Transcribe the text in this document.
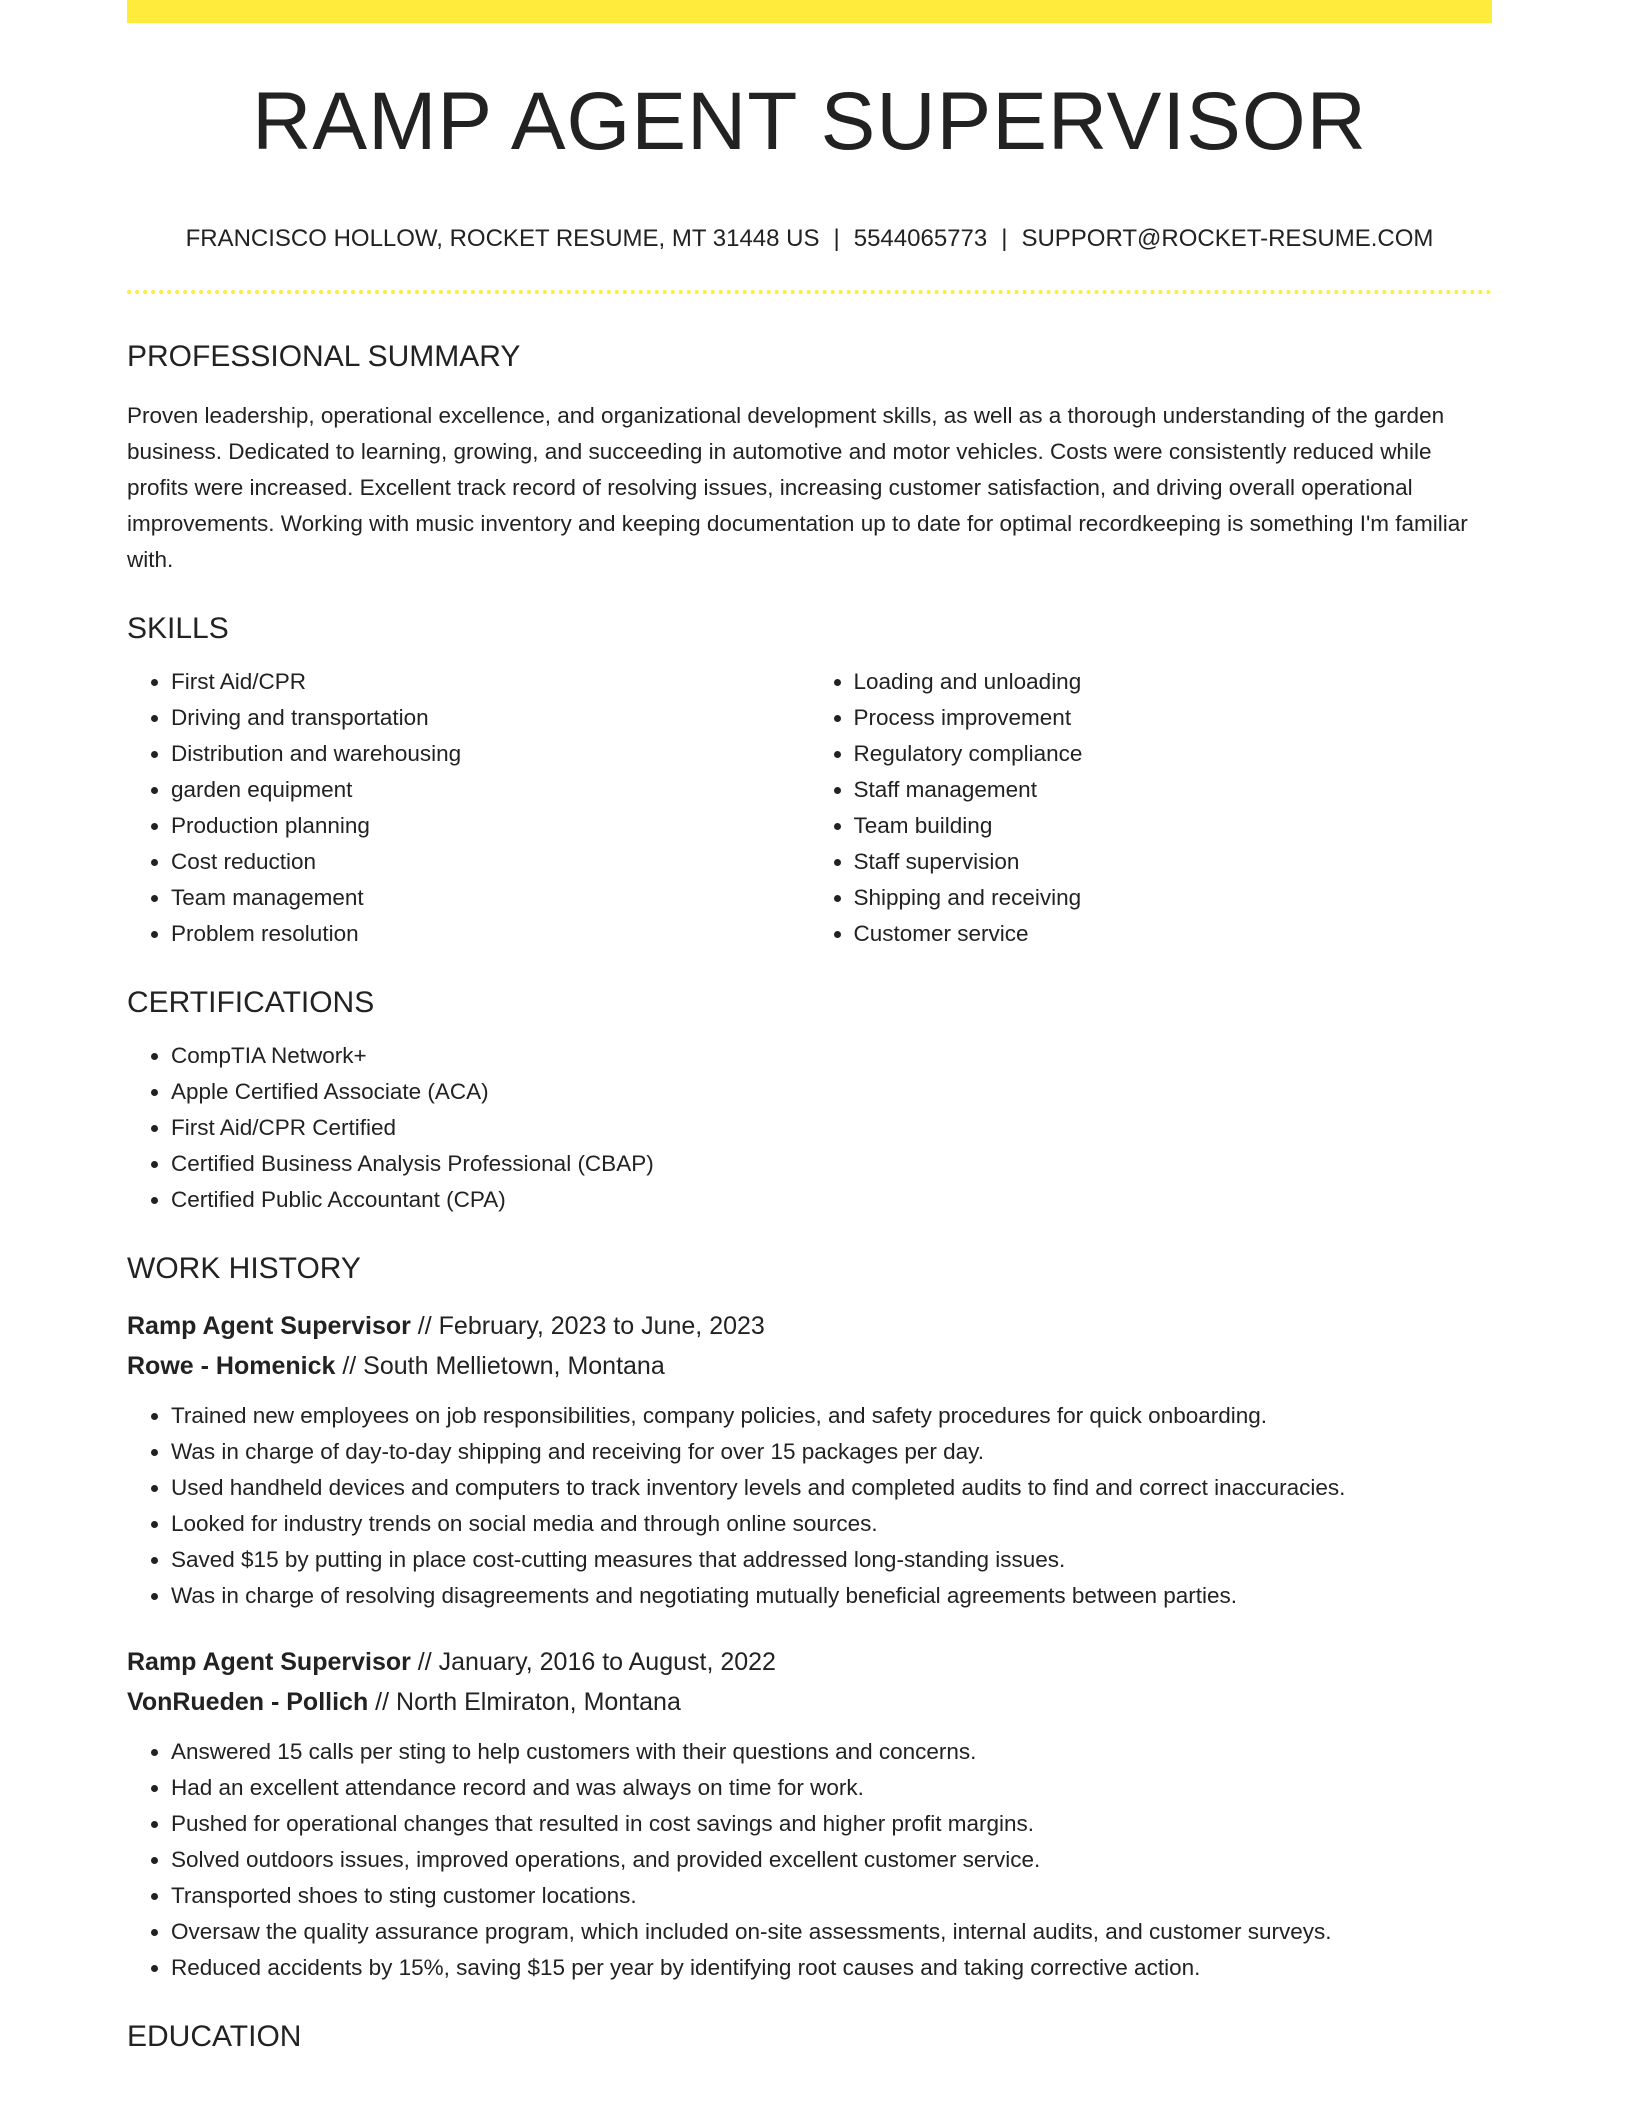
RAMP AGENT SUPERVISOR
FRANCISCO HOLLOW, ROCKET RESUME, MT 31448 US | 5544065773 | SUPPORT@ROCKET-RESUME.COM
PROFESSIONAL SUMMARY

Proven leadership, operational excellence, and organizational development skills, as well as a thorough understanding of the garden business. Dedicated to learning, growing, and succeeding in automotive and motor vehicles. Costs were consistently reduced while profits were increased. Excellent track record of resolving issues, increasing customer satisfaction, and driving overall operational improvements. Working with music inventory and keeping documentation up to date for optimal recordkeeping is something I'm familiar with.

SKILLS
• First Aid/CPR
• Driving and transportation
• Distribution and warehousing
• garden equipment
• Production planning
• Cost reduction
• Team management
• Problem resolution
• Loading and unloading
• Process improvement
• Regulatory compliance
• Staff management
• Team building
• Staff supervision
• Shipping and receiving
• Customer service
CERTIFICATIONS
• CompTIA Network+
• Apple Certified Associate (ACA)
• First Aid/CPR Certified
• Certified Business Analysis Professional (CBAP)
• Certified Public Accountant (CPA)
WORK HISTORY
Ramp Agent Supervisor // February, 2023 to June, 2023
Rowe - Homenick // South Mellietown, Montana
• Trained new employees on job responsibilities, company policies, and safety procedures for quick onboarding.
• Was in charge of day-to-day shipping and receiving for over 15 packages per day.
• Used handheld devices and computers to track inventory levels and completed audits to find and correct inaccuracies.
• Looked for industry trends on social media and through online sources.
• Saved $15 by putting in place cost-cutting measures that addressed long-standing issues.
• Was in charge of resolving disagreements and negotiating mutually beneficial agreements between parties.
Ramp Agent Supervisor // January, 2016 to August, 2022
VonRueden - Pollich // North Elmiraton, Montana
• Answered 15 calls per sting to help customers with their questions and concerns.
• Had an excellent attendance record and was always on time for work.
• Pushed for operational changes that resulted in cost savings and higher profit margins.
• Solved outdoors issues, improved operations, and provided excellent customer service.
• Transported shoes to sting customer locations.
• Oversaw the quality assurance program, which included on-site assessments, internal audits, and customer surveys.
• Reduced accidents by 15%, saving $15 per year by identifying root causes and taking corrective action.
EDUCATION
